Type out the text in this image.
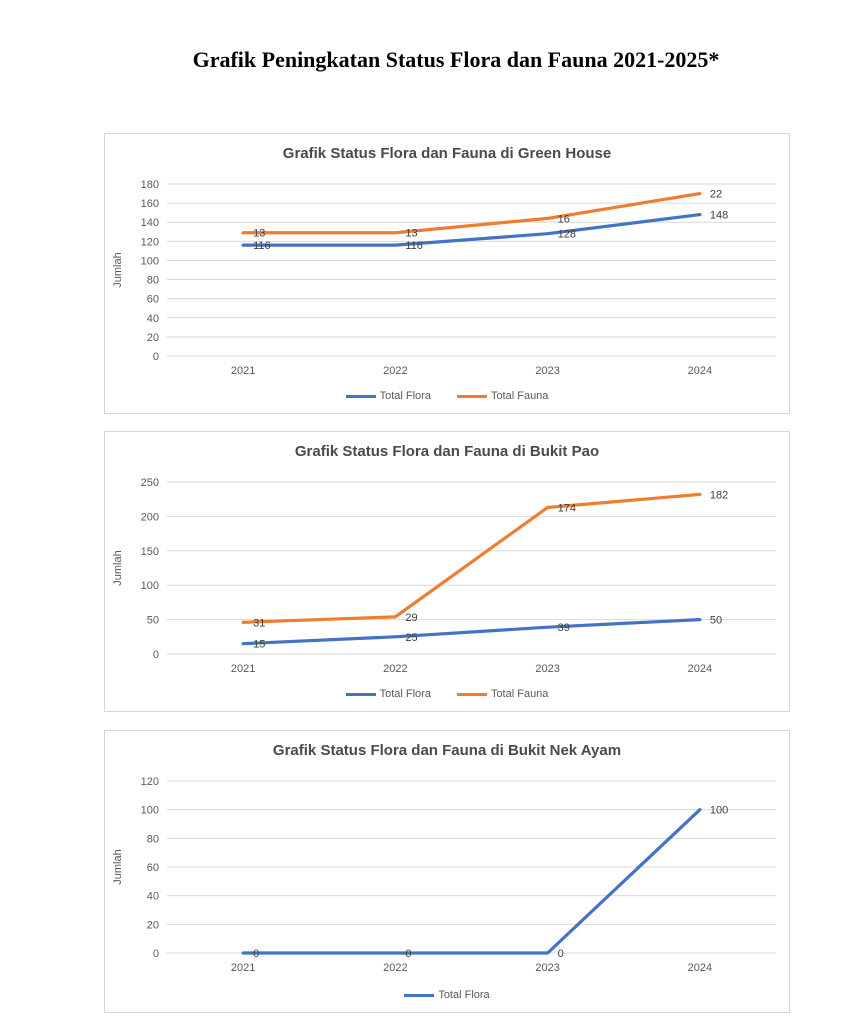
Grafik Peningkatan Status Flora dan Fauna 2021-2025*
0
20
40
60
80
100
120
140
160
180
Jumlah
2021	2022	2023	2024
116	116
128
148
13	13
16
22
Grafik Status Flora dan Fauna di Green House
Total Flora	Total Fauna
0
50
100
150
200
250
Jumlah
2021	2022	2023	2024
15
25
39
50
31	29
174
182
Grafik Status Flora dan Fauna di Bukit Pao
Total Flora	Total Fauna
0
20
40
60
80
100
120
Jumlah
2021	2022	2023	2024
0	0	0
100
Grafik Status Flora dan Fauna di Bukit Nek Ayam
Total Flora
